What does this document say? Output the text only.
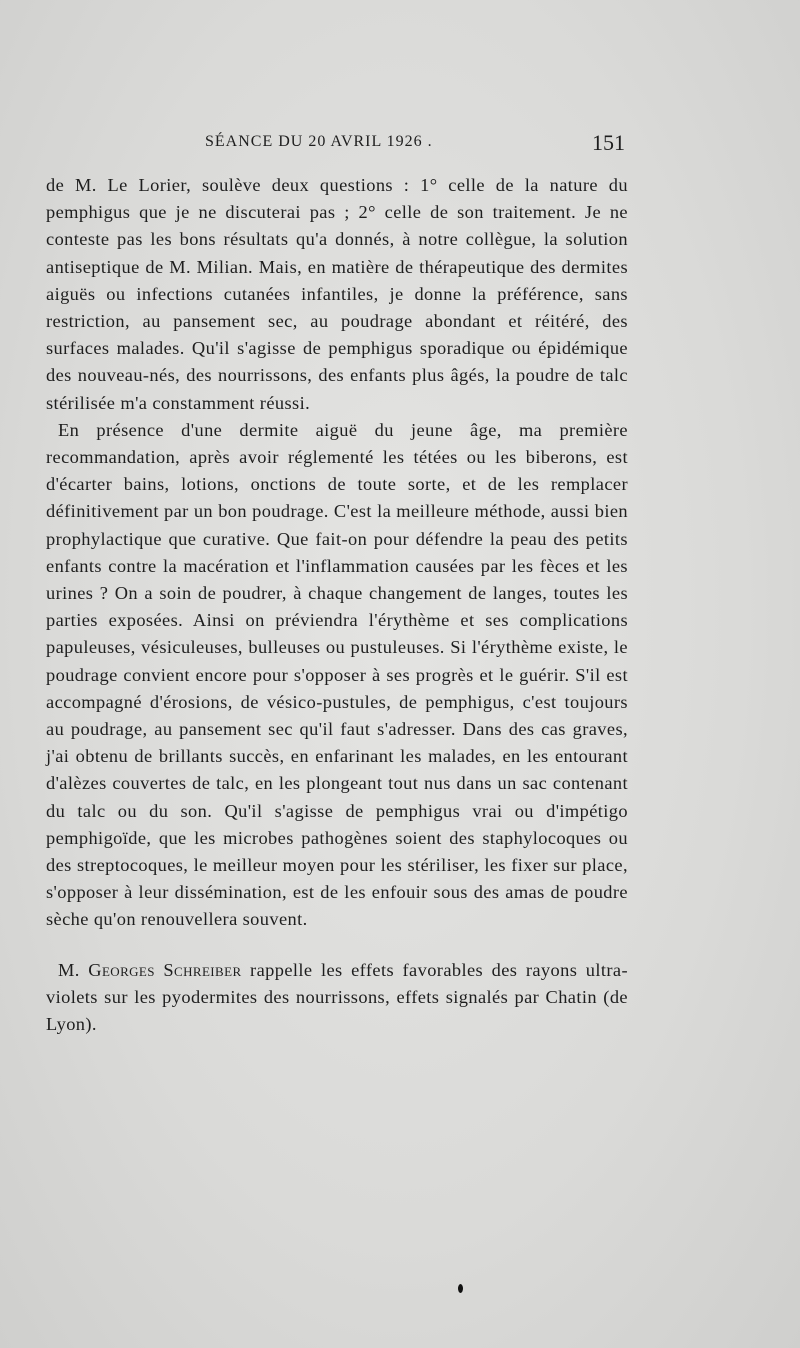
SÉANCE DU 20 AVRIL 1926 .	151

de M. Le Lorier, soulève deux questions : 1° celle de la nature du pemphigus que je ne discuterai pas ; 2° celle de son traitement. Je ne conteste pas les bons résultats qu'a donnés, à notre collègue, la solution antiseptique de M. Milian. Mais, en matière de thérapeutique des dermites aiguës ou infections cutanées infantiles, je donne la préférence, sans restriction, au pansement sec, au poudrage abondant et réitéré, des surfaces malades. Qu'il s'agisse de pemphigus sporadique ou épidémique des nouveau-nés, des nourrissons, des enfants plus âgés, la poudre de talc stérilisée m'a constamment réussi.

En présence d'une dermite aiguë du jeune âge, ma première recommandation, après avoir réglementé les tétées ou les biberons, est d'écarter bains, lotions, onctions de toute sorte, et de les remplacer définitivement par un bon poudrage. C'est la meilleure méthode, aussi bien prophylactique que curative. Que fait-on pour défendre la peau des petits enfants contre la macération et l'inflammation causées par les fèces et les urines ? On a soin de poudrer, à chaque changement de langes, toutes les parties exposées. Ainsi on préviendra l'érythème et ses complications papuleuses, vésiculeuses, bulleuses ou pustuleuses. Si l'érythème existe, le poudrage convient encore pour s'opposer à ses progrès et le guérir. S'il est accompagné d'érosions, de vésico-pustules, de pemphigus, c'est toujours au poudrage, au pansement sec qu'il faut s'adresser. Dans des cas graves, j'ai obtenu de brillants succès, en enfarinant les malades, en les entourant d'alèzes couvertes de talc, en les plongeant tout nus dans un sac contenant du talc ou du son. Qu'il s'agisse de pemphigus vrai ou d'impétigo pemphigoïde, que les microbes pathogènes soient des staphylocoques ou des streptocoques, le meilleur moyen pour les stériliser, les fixer sur place, s'opposer à leur dissémination, est de les enfouir sous des amas de poudre sèche qu'on renouvellera souvent.

M. Georges Schreiber rappelle les effets favorables des rayons ultra-violets sur les pyodermites des nourrissons, effets signalés par Chatin (de Lyon).
